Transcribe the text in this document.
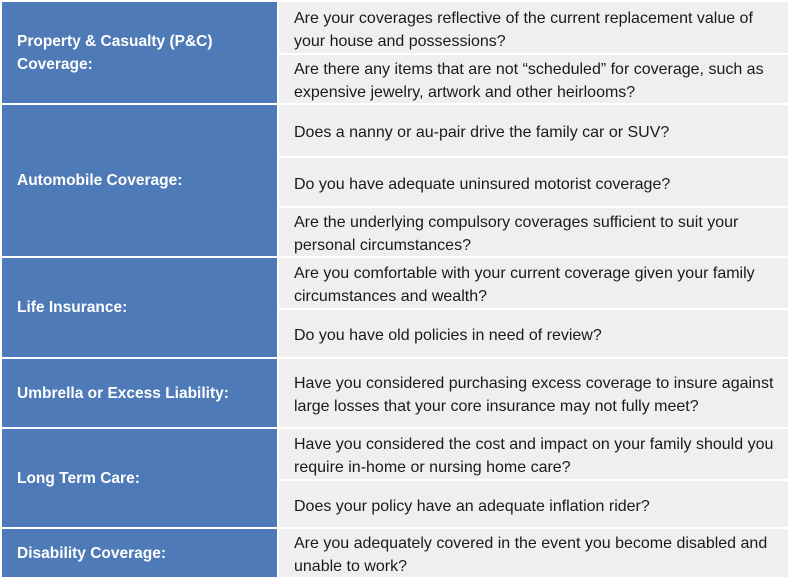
Property & Casualty (P&C) Coverage:
Are your coverages reflective of the current replacement value of your house and possessions?
Are there any items that are not “scheduled” for coverage, such as expensive jewelry, artwork and other heirlooms?
Automobile Coverage:
Does a nanny or au-pair drive the family car or SUV?
Do you have adequate uninsured motorist coverage?
Are the underlying compulsory coverages sufficient to suit your personal circumstances?
Life Insurance:
Are you comfortable with your current coverage given your family circumstances and wealth?
Do you have old policies in need of review?
Umbrella or Excess Liability:
Have you considered purchasing excess coverage to insure against large losses that your core insurance may not fully meet?
Long Term Care:
Have you considered the cost and impact on your family should you require in-home or nursing home care?
Does your policy have an adequate inflation rider?
Disability Coverage:
Are you adequately covered in the event you become disabled and unable to work?
